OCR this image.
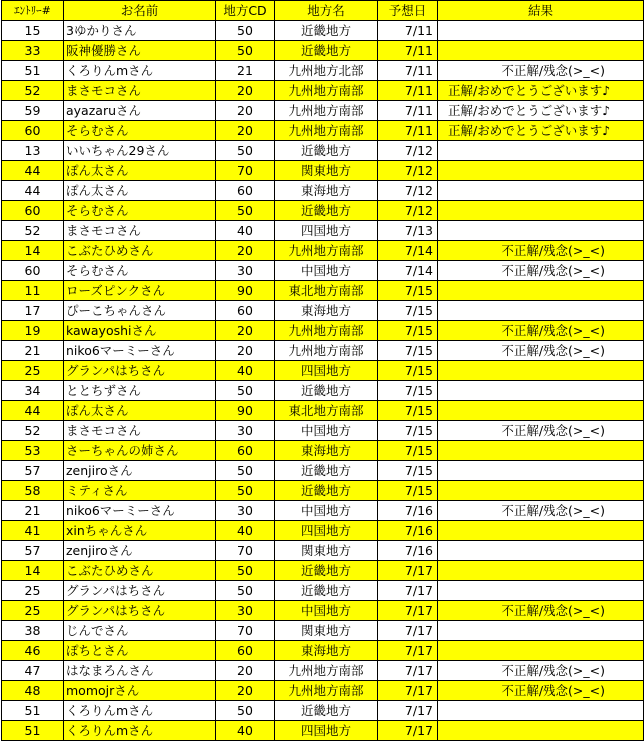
ｴﾝﾄﾘｰ#	お名前	地方CD	地方名	予想日	結果
15	3ゆかりさん	50	近畿地方	7/11	
33	阪神優勝さん	50	近畿地方	7/11	
51	くろりんmさん	21	九州地方北部	7/11	不正解/残念(>_<)
52	まさモコさん	20	九州地方南部	7/11	正解/おめでとうございます♪
59	ayazaruさん	20	九州地方南部	7/11	正解/おめでとうございます♪
60	そらむさん	20	九州地方南部	7/11	正解/おめでとうございます♪
13	いいちゃん29さん	50	近畿地方	7/12	
44	ぽん太さん	70	関東地方	7/12	
44	ぽん太さん	60	東海地方	7/12	
60	そらむさん	50	近畿地方	7/12	
52	まさモコさん	40	四国地方	7/13	
14	こぶたひめさん	20	九州地方南部	7/14	不正解/残念(>_<)
60	そらむさん	30	中国地方	7/14	不正解/残念(>_<)
11	ローズピンクさん	90	東北地方南部	7/15	
17	ぴーこちゃんさん	60	東海地方	7/15	
19	kawayoshiさん	20	九州地方南部	7/15	不正解/残念(>_<)
21	niko6マーミーさん	20	九州地方南部	7/15	不正解/残念(>_<)
25	グランパはちさん	40	四国地方	7/15	
34	ととちずさん	50	近畿地方	7/15	
44	ぽん太さん	90	東北地方南部	7/15	
52	まさモコさん	30	中国地方	7/15	不正解/残念(>_<)
53	さーちゃんの姉さん	60	東海地方	7/15	
57	zenjiroさん	50	近畿地方	7/15	
58	ミティさん	50	近畿地方	7/15	
21	niko6マーミーさん	30	中国地方	7/16	不正解/残念(>_<)
41	xinちゃんさん	40	四国地方	7/16	
57	zenjiroさん	70	関東地方	7/16	
14	こぶたひめさん	50	近畿地方	7/17	
25	グランパはちさん	50	近畿地方	7/17	
25	グランパはちさん	30	中国地方	7/17	不正解/残念(>_<)
38	じんでさん	70	関東地方	7/17	
46	ぽちとさん	60	東海地方	7/17	
47	はなまろんさん	20	九州地方南部	7/17	不正解/残念(>_<)
48	momojrさん	20	九州地方南部	7/17	不正解/残念(>_<)
51	くろりんmさん	50	近畿地方	7/17	
51	くろりんmさん	40	四国地方	7/17	
